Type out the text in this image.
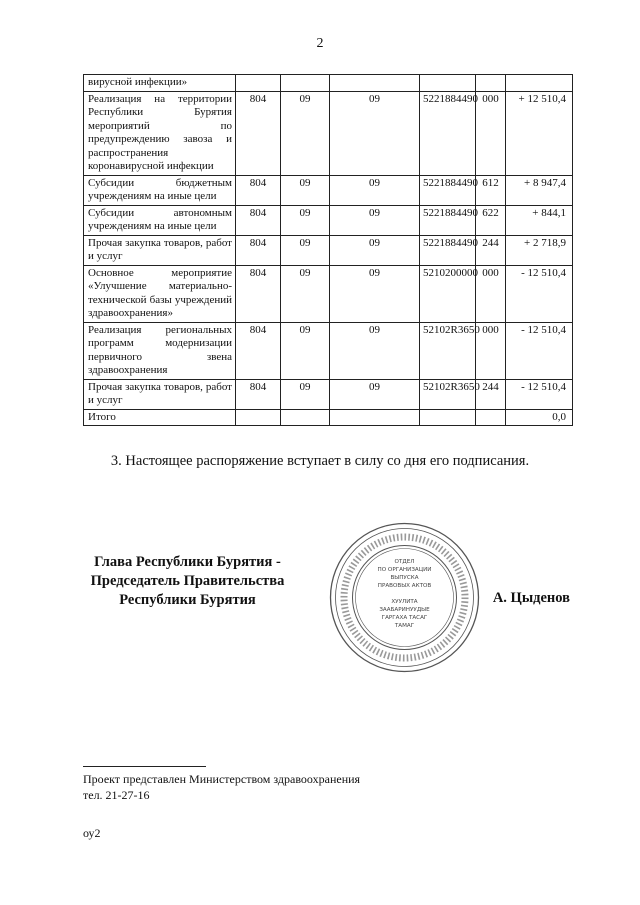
2
вирусной инфекции»						
Реализация на территории Республики Бурятия мероприятий по предупреждению завоза и распространения коронавирусной инфекции	804	09	09	5221884490	000	+ 12 510,4
Субсидии бюджетным учреждениям на иные цели	804	09	09	5221884490	612	+ 8 947,4
Субсидии автономным учреждениям на иные цели	804	09	09	5221884490	622	+ 844,1
Прочая закупка товаров, работ и услуг	804	09	09	5221884490	244	+ 2 718,9
Основное мероприятие «Улучшение материально-технической базы учреждений здравоохранения»	804	09	09	5210200000	000	- 12 510,4
Реализация региональных программ модернизации первичного звена здравоохранения	804	09	09	52102R3650	000	- 12 510,4
Прочая закупка товаров, работ и услуг	804	09	09	52102R3650	244	- 12 510,4
Итого						0,0
3. Настоящее распоряжение вступает в силу со дня его подписания.
Глава Республики Бурятия -
Председатель Правительства
Республики Бурятия
ОТДЕЛ
ПО ОРГАНИЗАЦИИ
ВЫПУСКА
ПРАВОВЫХ АКТОВ
ХУУЛИТА
ЗААБАРИНУУДЫЕ
ГАРГАХА ТАСАГ
ТАМАГ
А. Цыденов
Проект представлен Министерством здравоохранения
тел. 21-27-16
оу2
